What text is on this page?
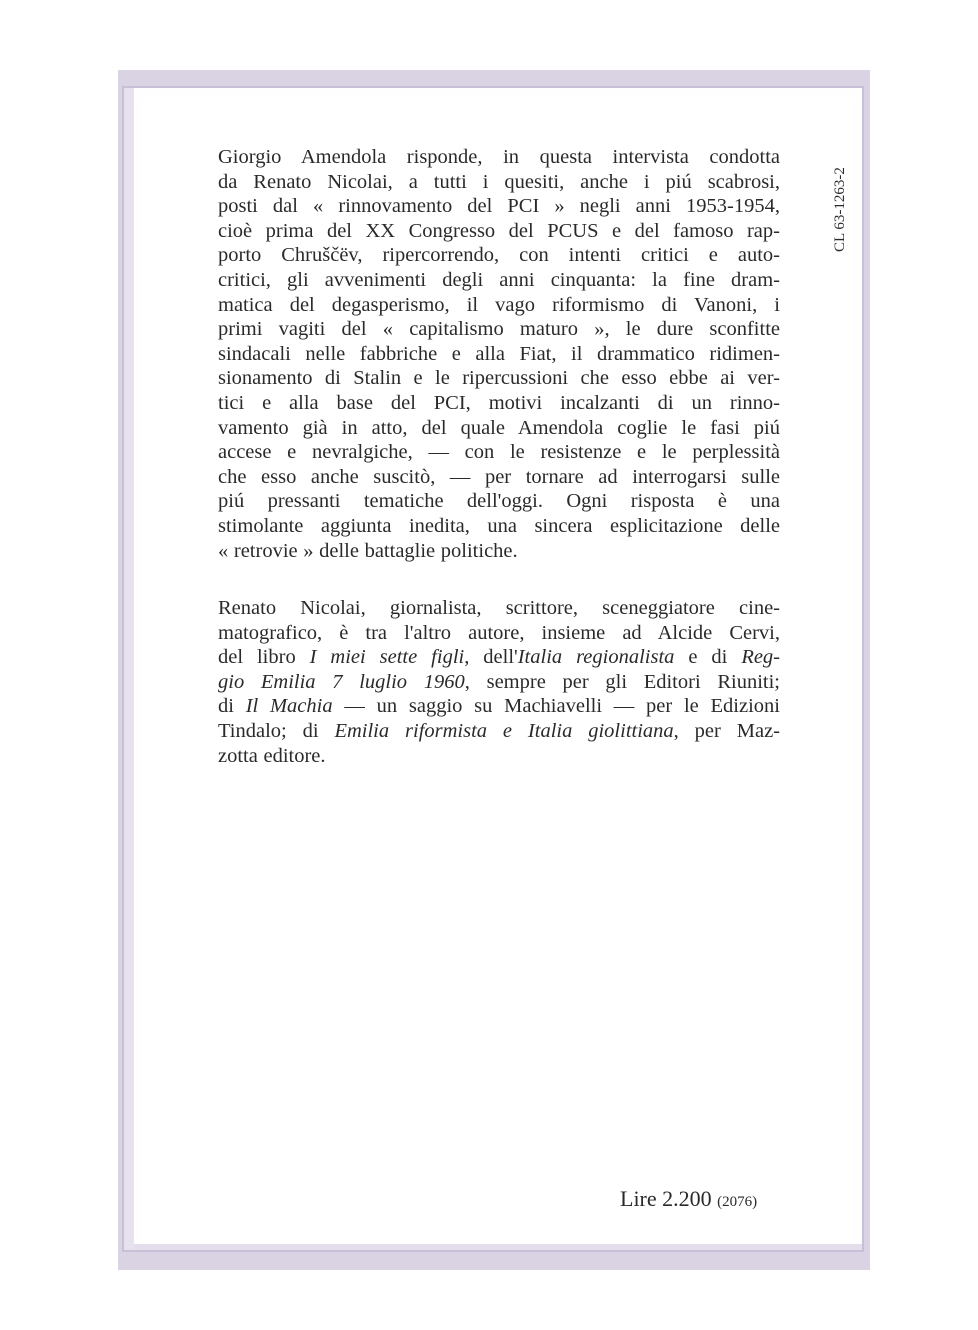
CL 63-1263-2
Giorgio Amendola risponde, in questa intervista condotta
da Renato Nicolai, a tutti i quesiti, anche i piú scabrosi,
posti dal « rinnovamento del PCI » negli anni 1953-1954,
cioè prima del XX Congresso del PCUS e del famoso rap-
porto Chruščëv, ripercorrendo, con intenti critici e auto-
critici, gli avvenimenti degli anni cinquanta: la fine dram-
matica del degasperismo, il vago riformismo di Vanoni, i
primi vagiti del « capitalismo maturo », le dure sconfitte
sindacali nelle fabbriche e alla Fiat, il drammatico ridimen-
sionamento di Stalin e le ripercussioni che esso ebbe ai ver-
tici e alla base del PCI, motivi incalzanti di un rinno-
vamento già in atto, del quale Amendola coglie le fasi piú
accese e nevralgiche, — con le resistenze e le perplessità
che esso anche suscitò, — per tornare ad interrogarsi sulle
piú pressanti tematiche dell'oggi. Ogni risposta è una
stimolante aggiunta inedita, una sincera esplicitazione delle
« retrovie » delle battaglie politiche.
Renato Nicolai, giornalista, scrittore, sceneggiatore cine-
matografico, è tra l'altro autore, insieme ad Alcide Cervi,
del libro I miei sette figli, dell'Italia regionalista e di Reg-
gio Emilia 7 luglio 1960, sempre per gli Editori Riuniti;
di Il Machia — un saggio su Machiavelli — per le Edizioni
Tindalo; di Emilia riformista e Italia giolittiana, per Maz-
zotta editore.
Lire 2.200 (2076)
